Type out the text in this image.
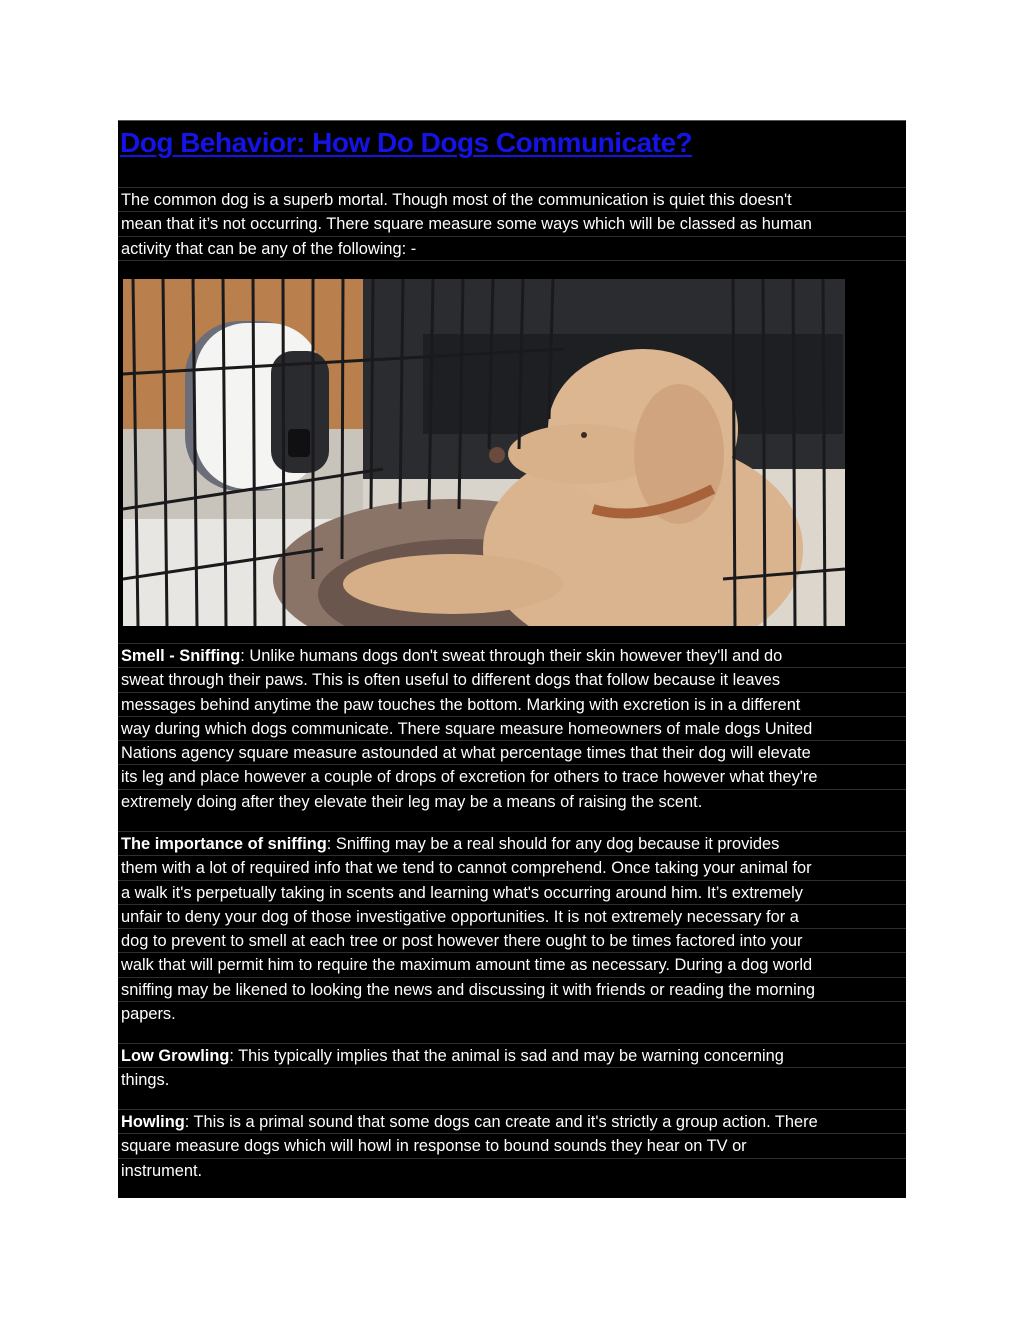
Dog Behavior: How Do Dogs Communicate?
The common dog is a superb mortal. Though most of the communication is quiet this doesn't
mean that it’s not occurring. There square measure some ways which will be classed as human
activity that can be any of the following: -
Smell - Sniffing: Unlike humans dogs don't sweat through their skin however they'll and do
sweat through their paws. This is often useful to different dogs that follow because it leaves
messages behind anytime the paw touches the bottom. Marking with excretion is in a different
way during which dogs communicate. There square measure homeowners of male dogs United
Nations agency square measure astounded at what percentage times that their dog will elevate
its leg and place however a couple of drops of excretion for others to trace however what they're
extremely doing after they elevate their leg may be a means of raising the scent.
The importance of sniffing: Sniffing may be a real should for any dog because it provides
them with a lot of required info that we tend to cannot comprehend. Once taking your animal for
a walk it's perpetually taking in scents and learning what's occurring around him. It’s extremely
unfair to deny your dog of those investigative opportunities. It is not extremely necessary for a
dog to prevent to smell at each tree or post however there ought to be times factored into your
walk that will permit him to require the maximum amount time as necessary. During a dog world
sniffing may be likened to looking the news and discussing it with friends or reading the morning
papers.
Low Growling: This typically implies that the animal is sad and may be warning concerning
things.
Howling: This is a primal sound that some dogs can create and it's strictly a group action. There
square measure dogs which will howl in response to bound sounds they hear on TV or
instrument.
